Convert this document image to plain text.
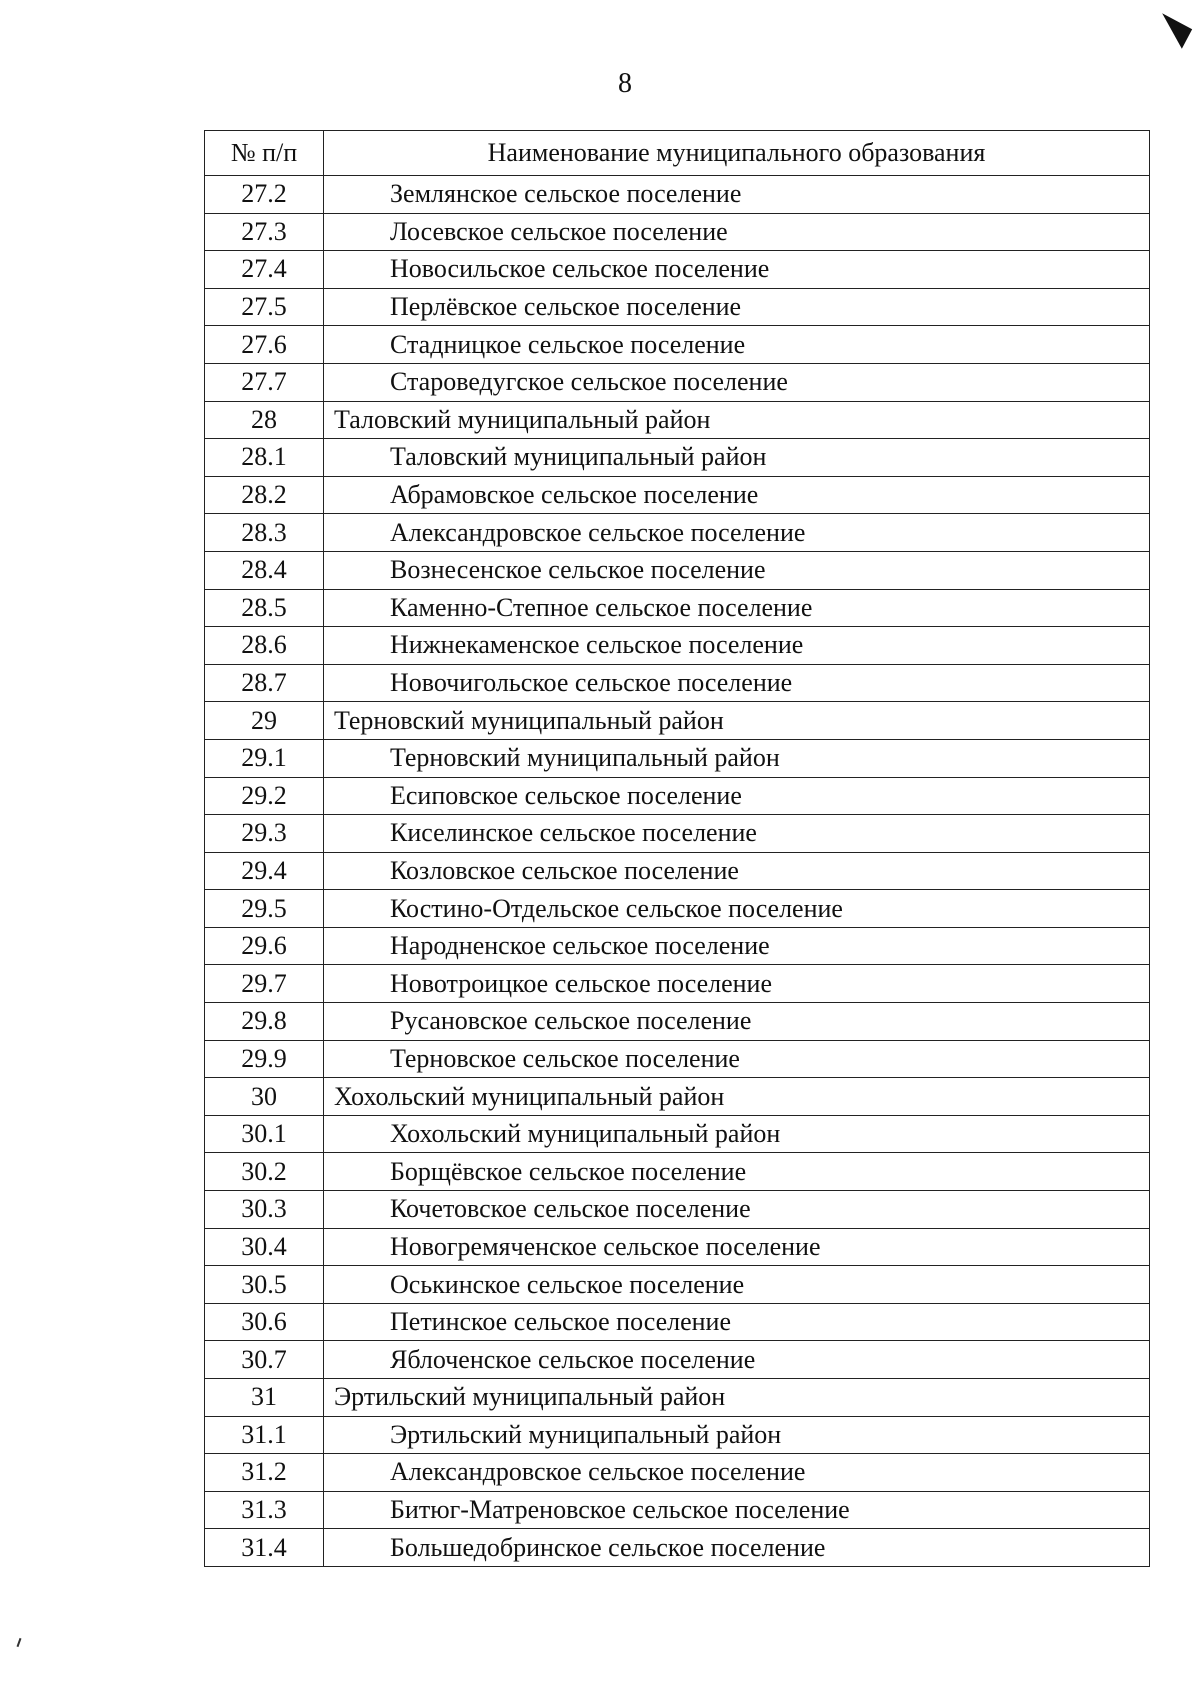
8
№ п/п	Наименование муниципального образования
27.2	Землянское сельское поселение
27.3	Лосевское сельское поселение
27.4	Новосильское сельское поселение
27.5	Перлёвское сельское поселение
27.6	Стадницкое сельское поселение
27.7	Староведугское сельское поселение
28	Таловский муниципальный район
28.1	Таловский муниципальный район
28.2	Абрамовское сельское поселение
28.3	Александровское сельское поселение
28.4	Вознесенское сельское поселение
28.5	Каменно-Степное сельское поселение
28.6	Нижнекаменское сельское поселение
28.7	Новочигольское сельское поселение
29	Терновский муниципальный район
29.1	Терновский муниципальный район
29.2	Есиповское сельское поселение
29.3	Киселинское сельское поселение
29.4	Козловское сельское поселение
29.5	Костино-Отдельское сельское поселение
29.6	Народненское сельское поселение
29.7	Новотроицкое сельское поселение
29.8	Русановское сельское поселение
29.9	Терновское сельское поселение
30	Хохольский муниципальный район
30.1	Хохольский муниципальный район
30.2	Борщёвское сельское поселение
30.3	Кочетовское сельское поселение
30.4	Новогремяченское сельское поселение
30.5	Оськинское сельское поселение
30.6	Петинское сельское поселение
30.7	Яблоченское сельское поселение
31	Эртильский муниципальный район
31.1	Эртильский муниципальный район
31.2	Александровское сельское поселение
31.3	Битюг-Матреновское сельское поселение
31.4	Большедобринское сельское поселение
